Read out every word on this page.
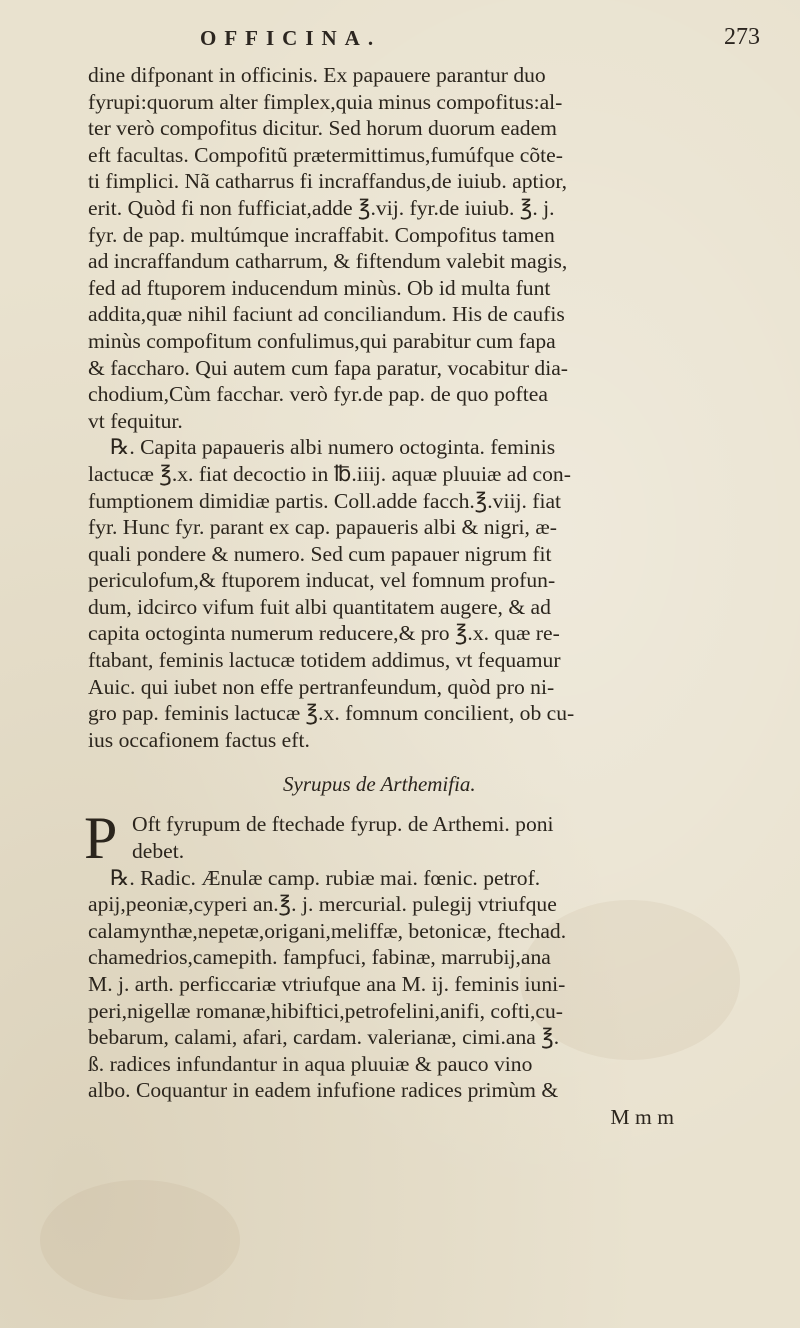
OFFICINA.	273
dine difponant in officinis. Ex papauere parantur duo
fyrupi:quorum alter fimplex,quia minus compofitus:al-
ter verò compofitus dicitur. Sed horum duorum eadem
eft facultas. Compofitũ prætermittimus,fumúfque cõte-
ti fimplici. Nã catharrus fi incraffandus,de iuiub. aptior,
erit. Quòd fi non fufficiat,adde ℥.vij. fyr.de iuiub. ℥. j.
fyr. de pap. multúmque incraffabit. Compofitus tamen
ad incraffandum catharrum, & fiftendum valebit magis,
fed ad ftuporem inducendum minùs. Ob id multa funt
addita,quæ nihil faciunt ad conciliandum. His de caufis
minùs compofitum confulimus,qui parabitur cum fapa
& faccharo. Qui autem cum fapa paratur, vocabitur dia-
chodium,Cùm facchar. verò fyr.de pap. de quo poftea
vt fequitur.
℞. Capita papaueris albi numero octoginta. feminis
lactucæ ℥.x. fiat decoctio in ℔.iiij. aquæ pluuiæ ad con-
fumptionem dimidiæ partis. Coll.adde facch.℥.viij. fiat
fyr. Hunc fyr. parant ex cap. papaueris albi & nigri, æ-
quali pondere & numero. Sed cum papauer nigrum fit
periculofum,& ftuporem inducat, vel fomnum profun-
dum, idcirco vifum fuit albi quantitatem augere, & ad
capita octoginta numerum reducere,& pro ℥.x. quæ re-
ftabant, feminis lactucæ totidem addimus, vt fequamur
Auic. qui iubet non effe pertranfeundum, quòd pro ni-
gro pap. feminis lactucæ ℥.x. fomnum concilient, ob cu-
ius occafionem factus eft.
Syrupus de Arthemifia.
P Oft fyrupum de ftechade fyrup. de Arthemi. poni
debet.
℞. Radic. Ænulæ camp. rubiæ mai. fœnic. petrof.
apij,peoniæ,cyperi an.℥. j. mercurial. pulegij vtriufque
calamynthæ,nepetæ,origani,meliffæ, betonicæ, ftechad.
chamedrios,camepith. fampfuci, fabinæ, marrubij,ana
M. j. arth. perficcariæ vtriufque ana M. ij. feminis iuni-
peri,nigellæ romanæ,hibiftici,petrofelini,anifi, cofti,cu-
bebarum, calami, afari, cardam. valerianæ, cimi.ana ℥.
ß. radices infundantur in aqua pluuiæ & pauco vino
albo. Coquantur in eadem infufione radices primùm &
M m m
